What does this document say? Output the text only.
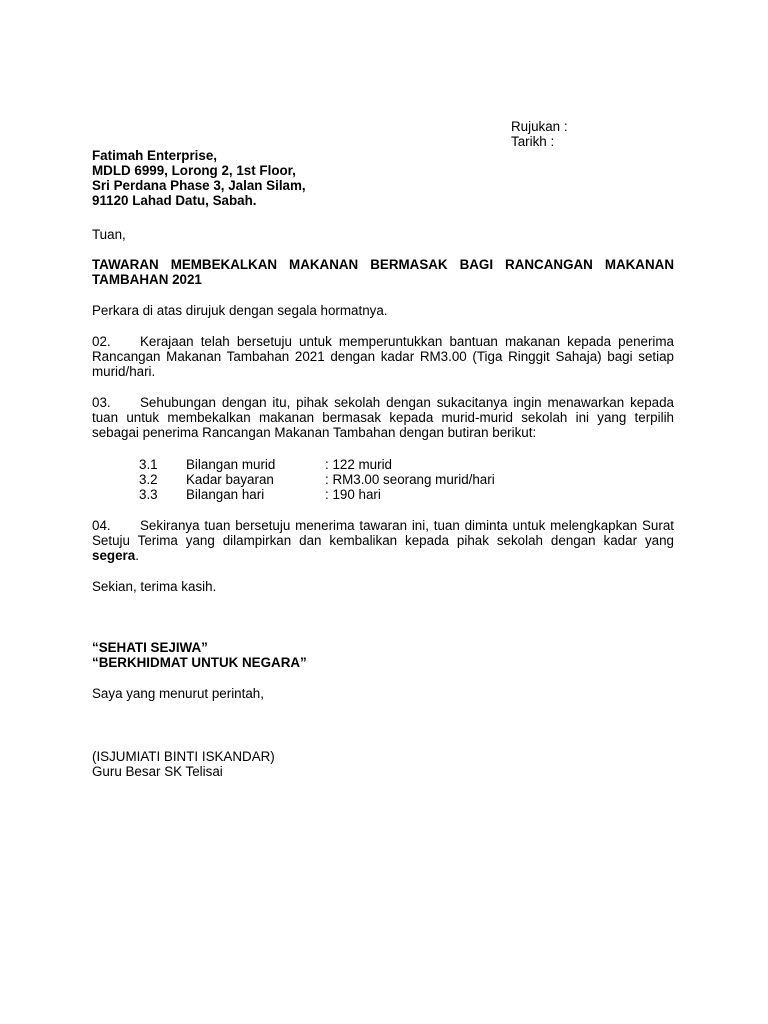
Rujukan :
Tarikh :
Fatimah Enterprise,
MDLD 6999, Lorong 2, 1st Floor,
Sri Perdana Phase 3, Jalan Silam,
91120 Lahad Datu, Sabah.
Tuan,
TAWARAN MEMBEKALKAN MAKANAN BERMASAK BAGI RANCANGAN MAKANAN TAMBAHAN 2021
Perkara di atas dirujuk dengan segala hormatnya.
02. Kerajaan telah bersetuju untuk memperuntukkan bantuan makanan kepada penerima Rancangan Makanan Tambahan 2021 dengan kadar RM3.00 (Tiga Ringgit Sahaja) bagi setiap murid/hari.
03. Sehubungan dengan itu, pihak sekolah dengan sukacitanya ingin menawarkan kepada tuan untuk membekalkan makanan bermasak kepada murid-murid sekolah ini yang terpilih sebagai penerima Rancangan Makanan Tambahan dengan butiran berikut:
3.1 Bilangan murid	: 122 murid
3.2 Kadar bayaran	: RM3.00 seorang murid/hari
3.3 Bilangan hari	: 190 hari
04. Sekiranya tuan bersetuju menerima tawaran ini, tuan diminta untuk melengkapkan Surat Setuju Terima yang dilampirkan dan kembalikan kepada pihak sekolah dengan kadar yang segera.
Sekian, terima kasih.
“SEHATI SEJIWA”
“BERKHIDMAT UNTUK NEGARA”
Saya yang menurut perintah,
(ISJUMIATI BINTI ISKANDAR)
Guru Besar SK Telisai
